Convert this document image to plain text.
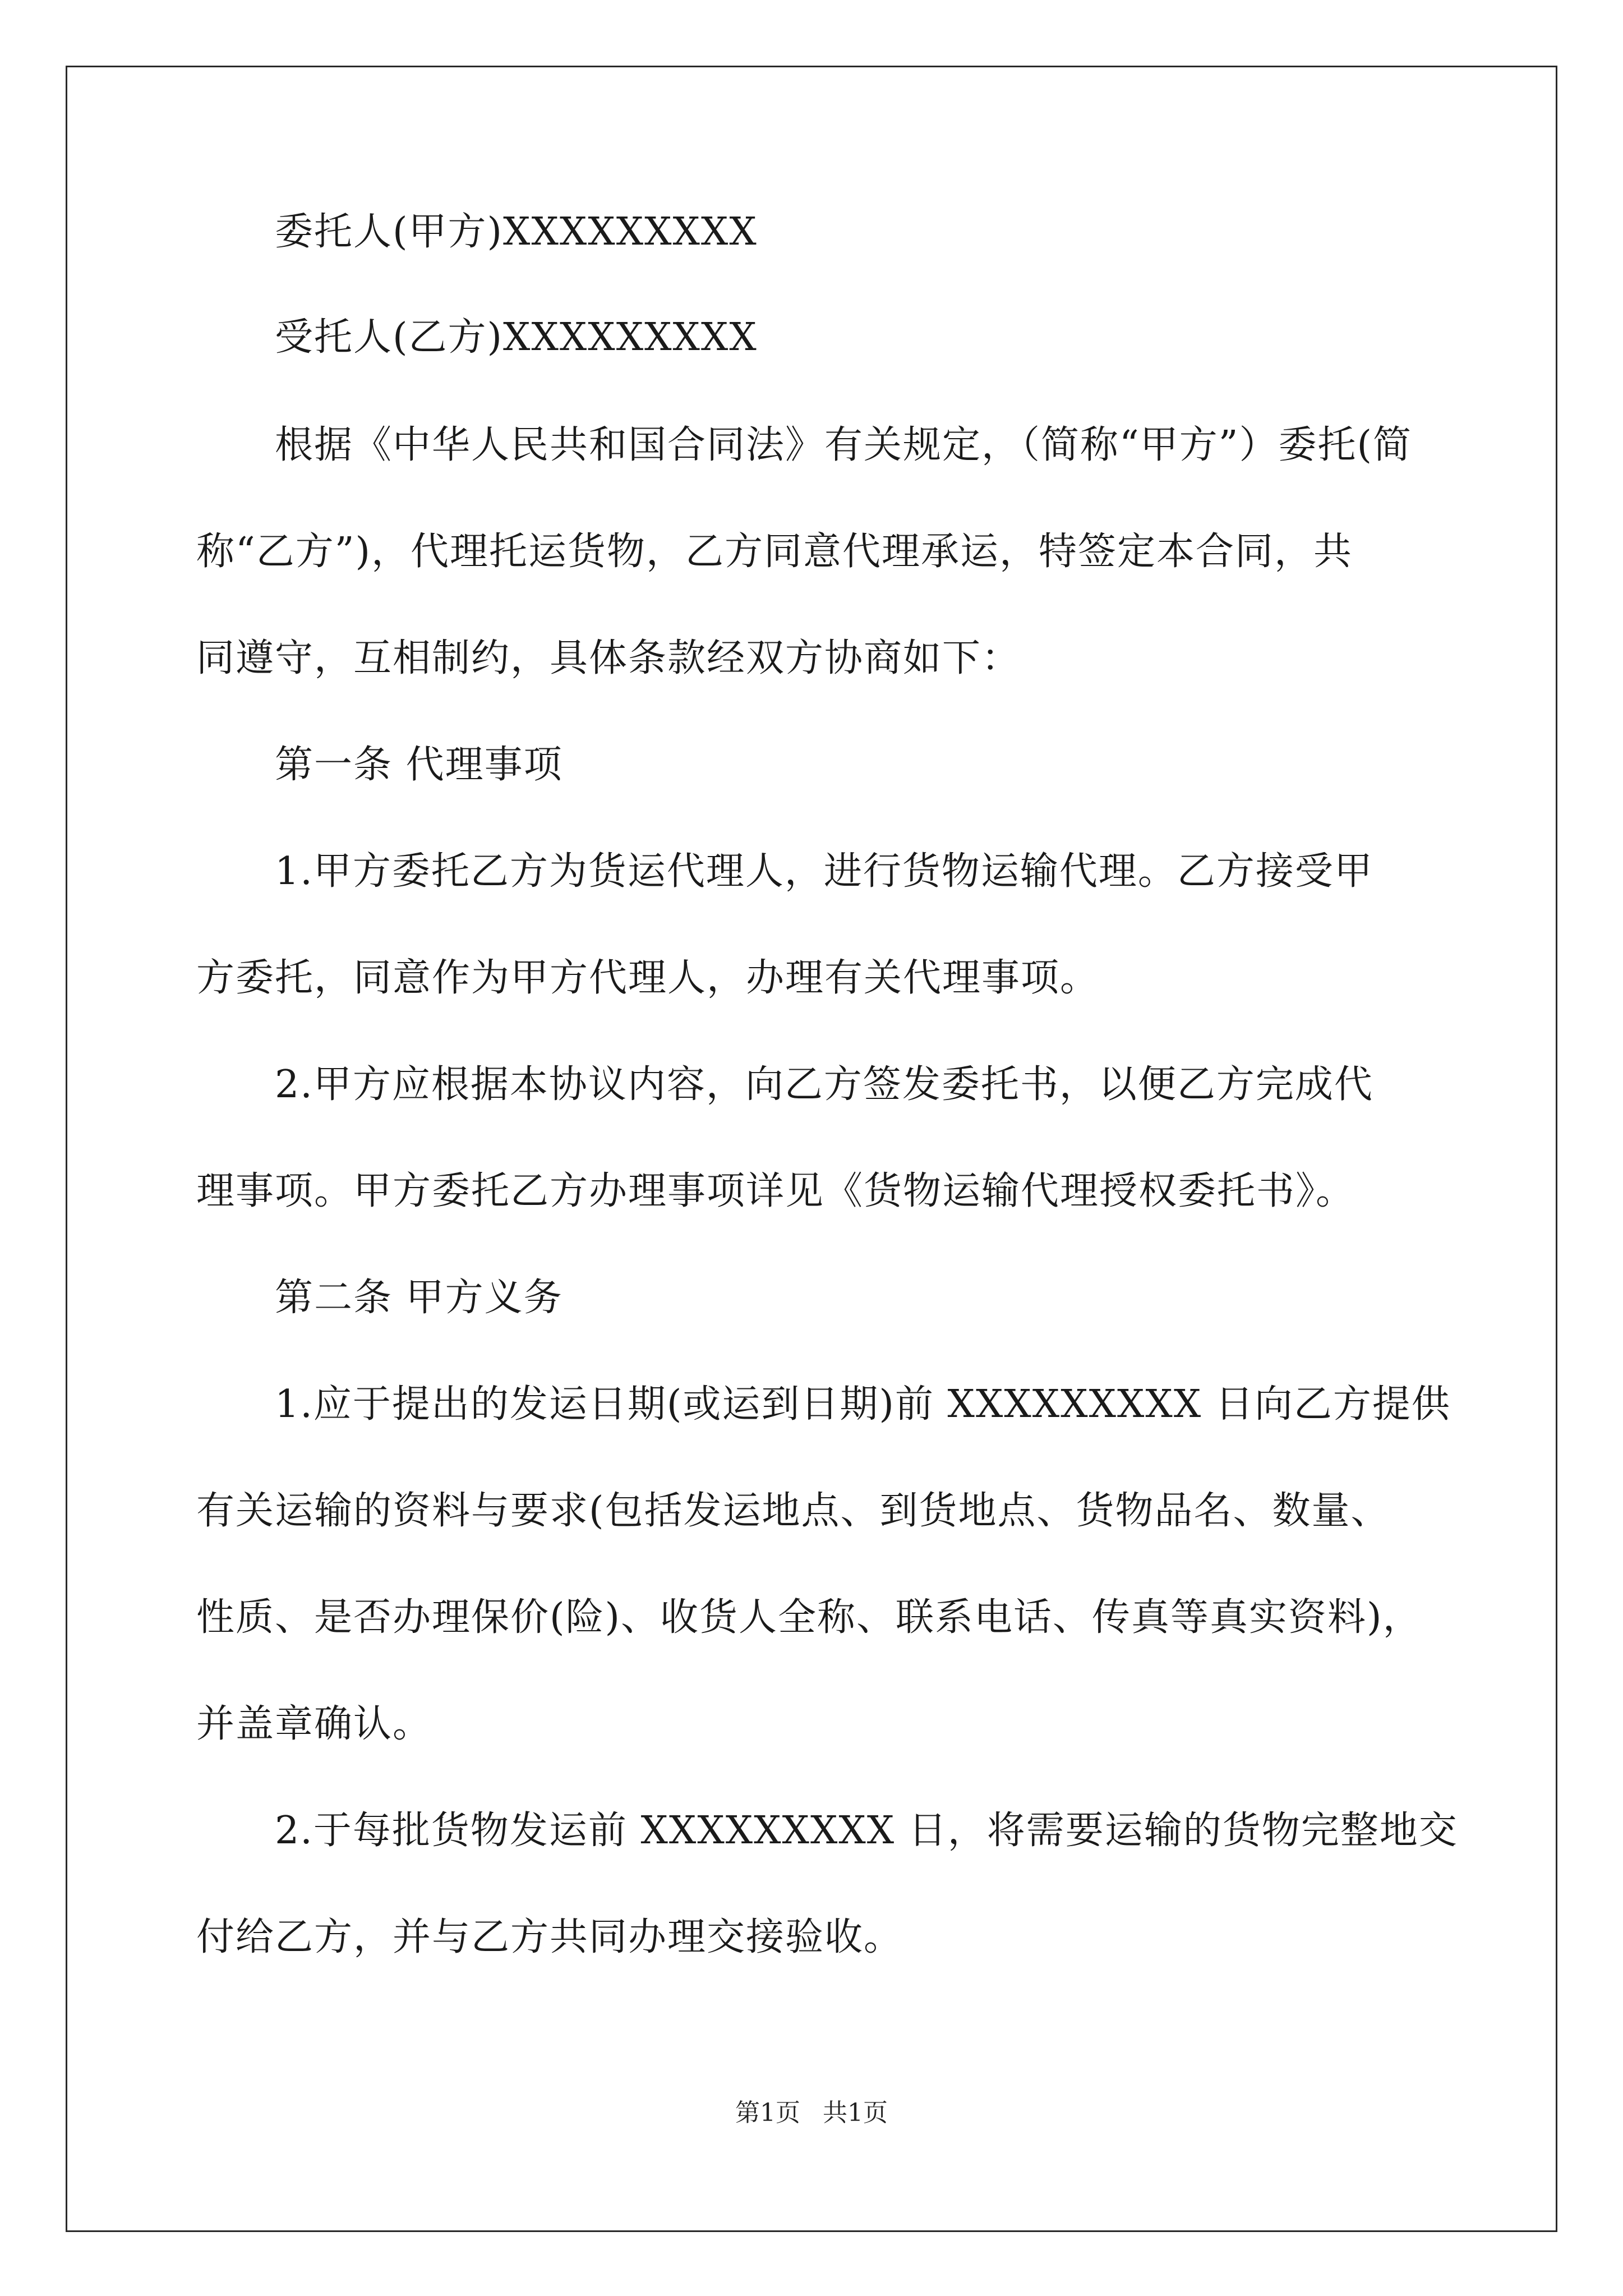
　　委托人(甲方)XXXXXXXXX
　　受托人(乙方)XXXXXXXXX
　　根据《中华人民共和国合同法》有关规定，（简称“甲方”）委托(简
称“乙方”)，代理托运货物，乙方同意代理承运，特签定本合同，共
同遵守，互相制约，具体条款经双方协商如下：
　　第一条 代理事项
　　1.甲方委托乙方为货运代理人，进行货物运输代理。乙方接受甲
方委托，同意作为甲方代理人，办理有关代理事项。
　　2.甲方应根据本协议内容，向乙方签发委托书，以便乙方完成代
理事项。甲方委托乙方办理事项详见《货物运输代理授权委托书》。
　　第二条 甲方义务
　　1.应于提出的发运日期(或运到日期)前 XXXXXXXXX 日向乙方提供
有关运输的资料与要求(包括发运地点、到货地点、货物品名、数量、
性质、是否办理保价(险)、收货人全称、联系电话、传真等真实资料)，
并盖章确认。
　　2.于每批货物发运前 XXXXXXXXX 日，将需要运输的货物完整地交
付给乙方，并与乙方共同办理交接验收。
第1页 共1页
